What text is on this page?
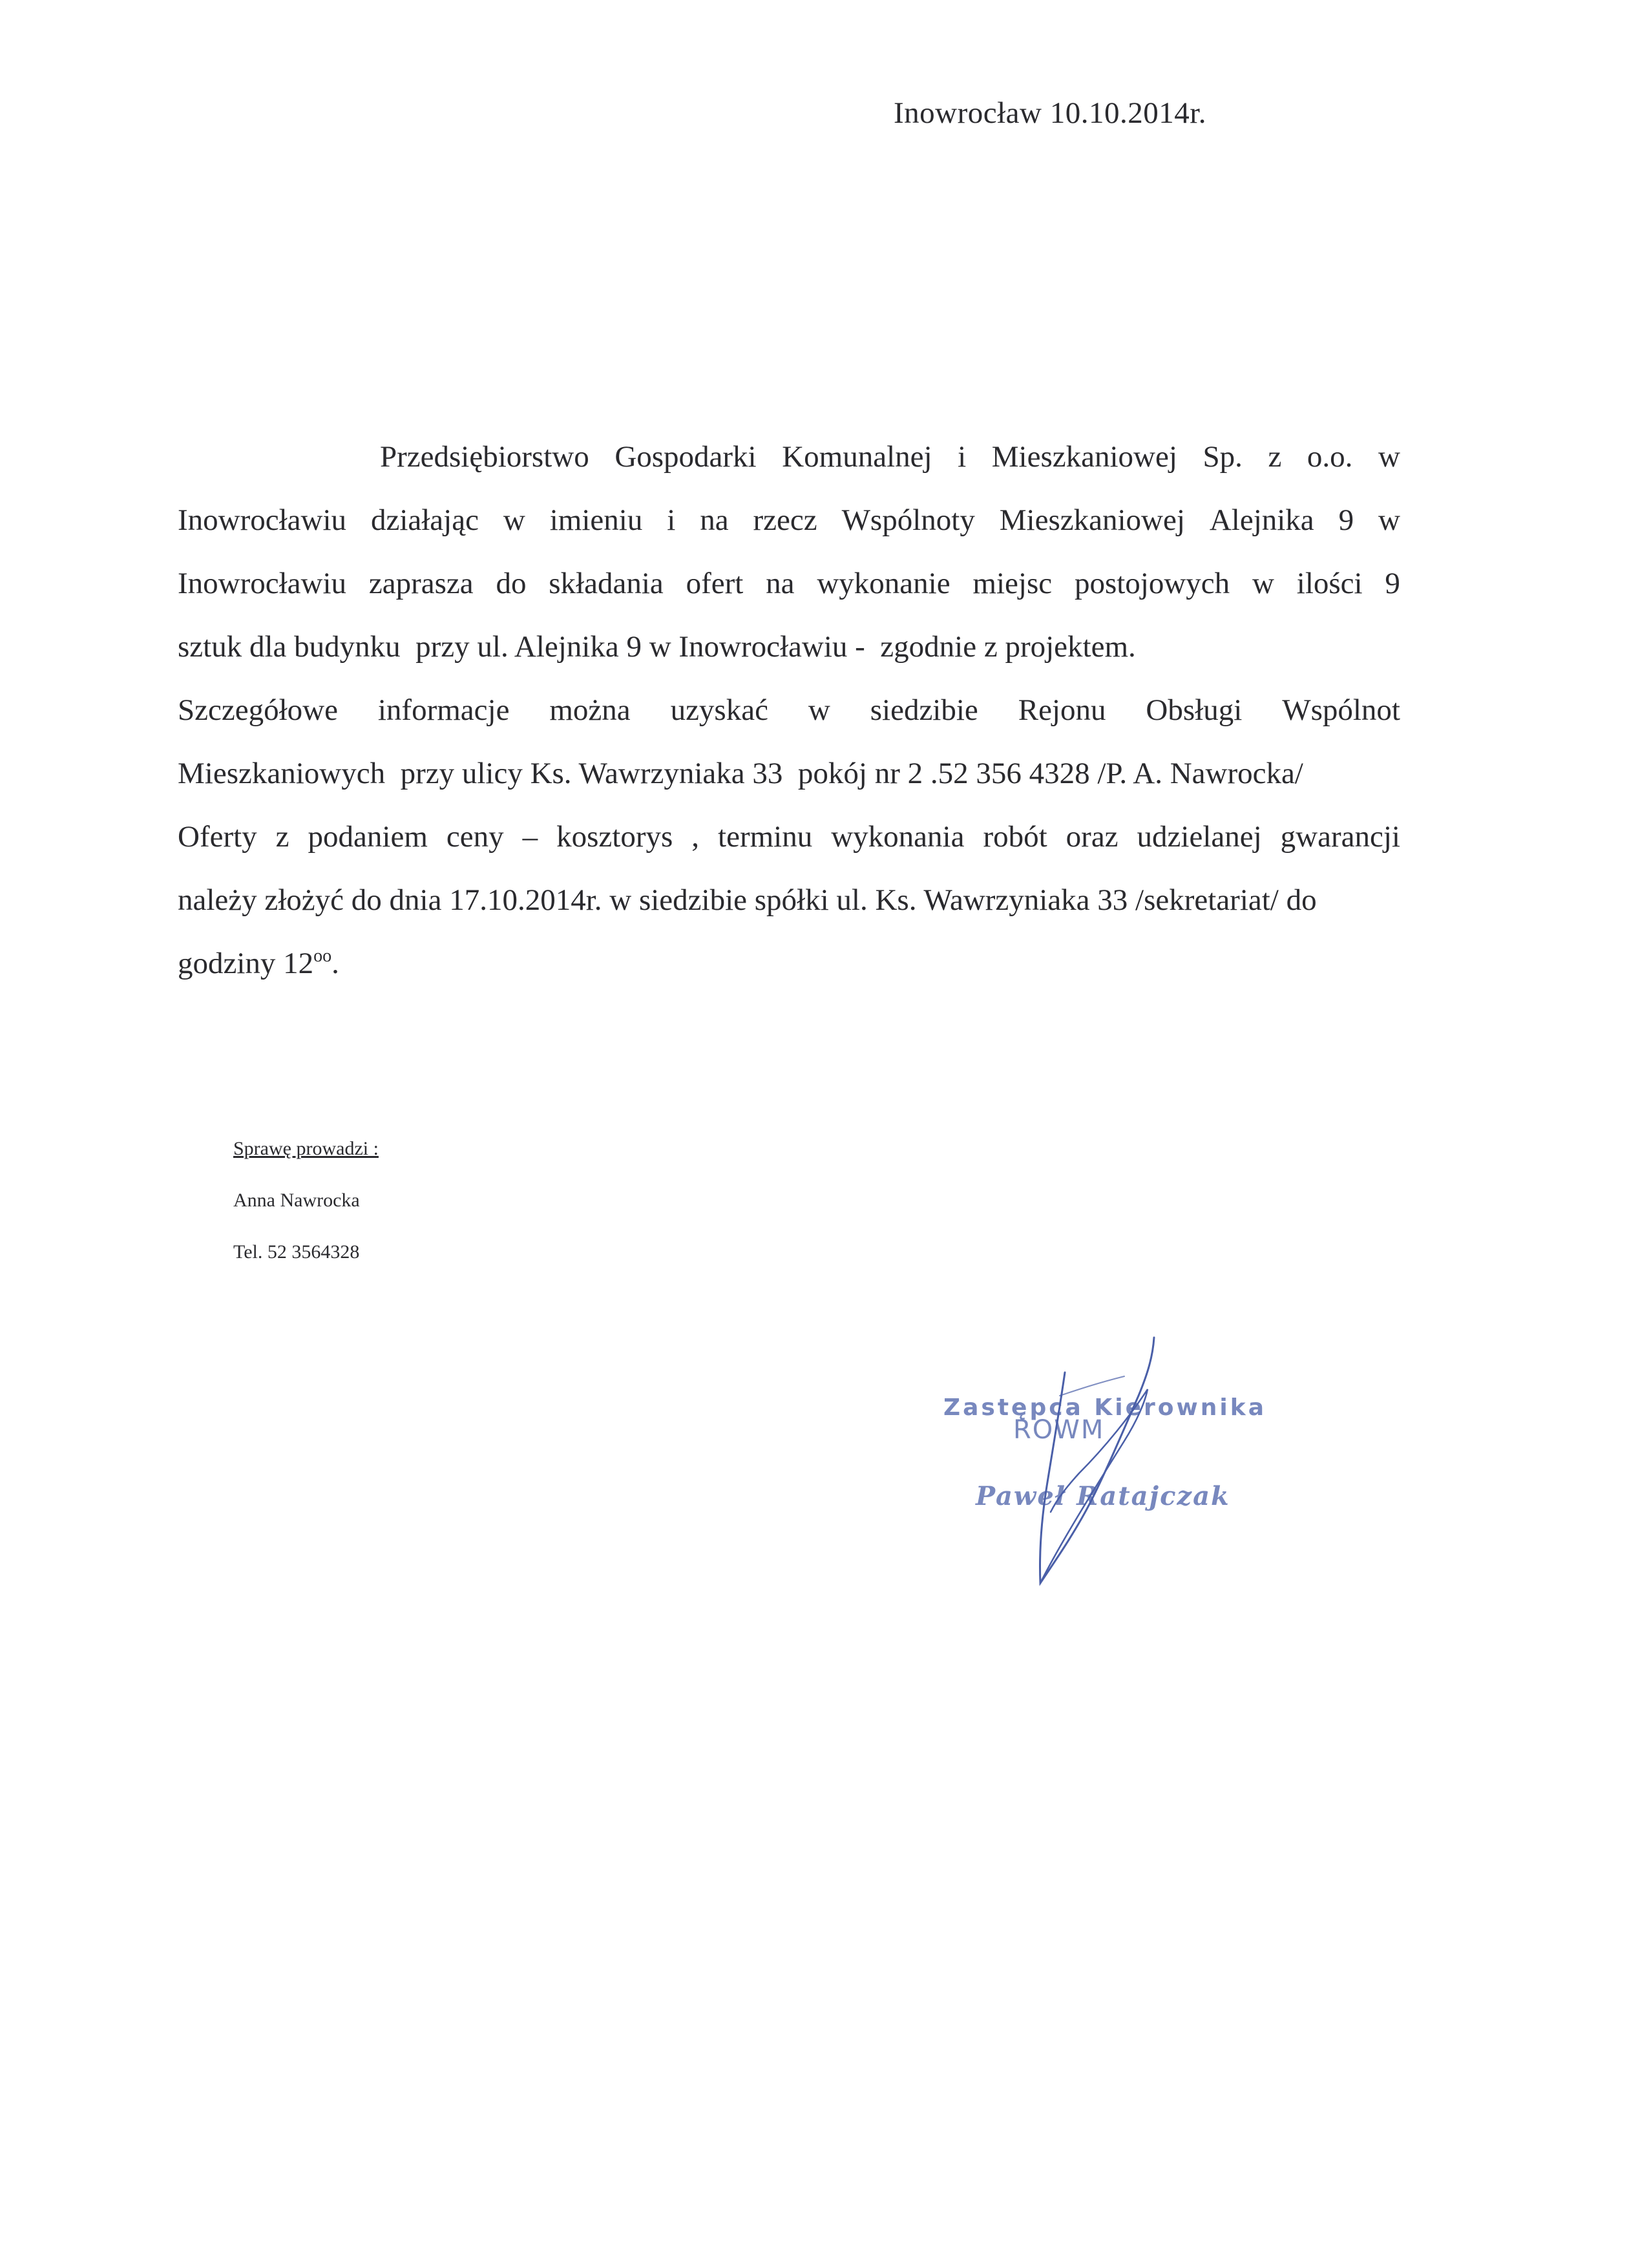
Inowrocław 10.10.2014r.
Przedsiębiorstwo Gospodarki Komunalnej i Mieszkaniowej Sp. z o.o. w
Inowrocławiu działając w imieniu i na rzecz Wspólnoty Mieszkaniowej Alejnika 9 w
Inowrocławiu zaprasza do składania ofert na wykonanie miejsc postojowych w ilości 9
sztuk dla budynku  przy ul. Alejnika 9 w Inowrocławiu -  zgodnie z projektem.
Szczegółowe informacje można uzyskać w siedzibie Rejonu Obsługi Wspólnot
Mieszkaniowych  przy ulicy Ks. Wawrzyniaka 33  pokój nr 2 .52 356 4328 /P. A. Nawrocka/
Oferty z podaniem ceny – kosztorys , terminu wykonania robót oraz udzielanej gwarancji
należy złożyć do dnia 17.10.2014r. w siedzibie spółki ul. Ks. Wawrzyniaka 33 /sekretariat/ do
godziny $12^{oo}$.
Sprawę prowadzi :
Anna Nawrocka
Tel. 52 3564328
Zastępca Kierownika
ROWM
Paweł Ratajczak
